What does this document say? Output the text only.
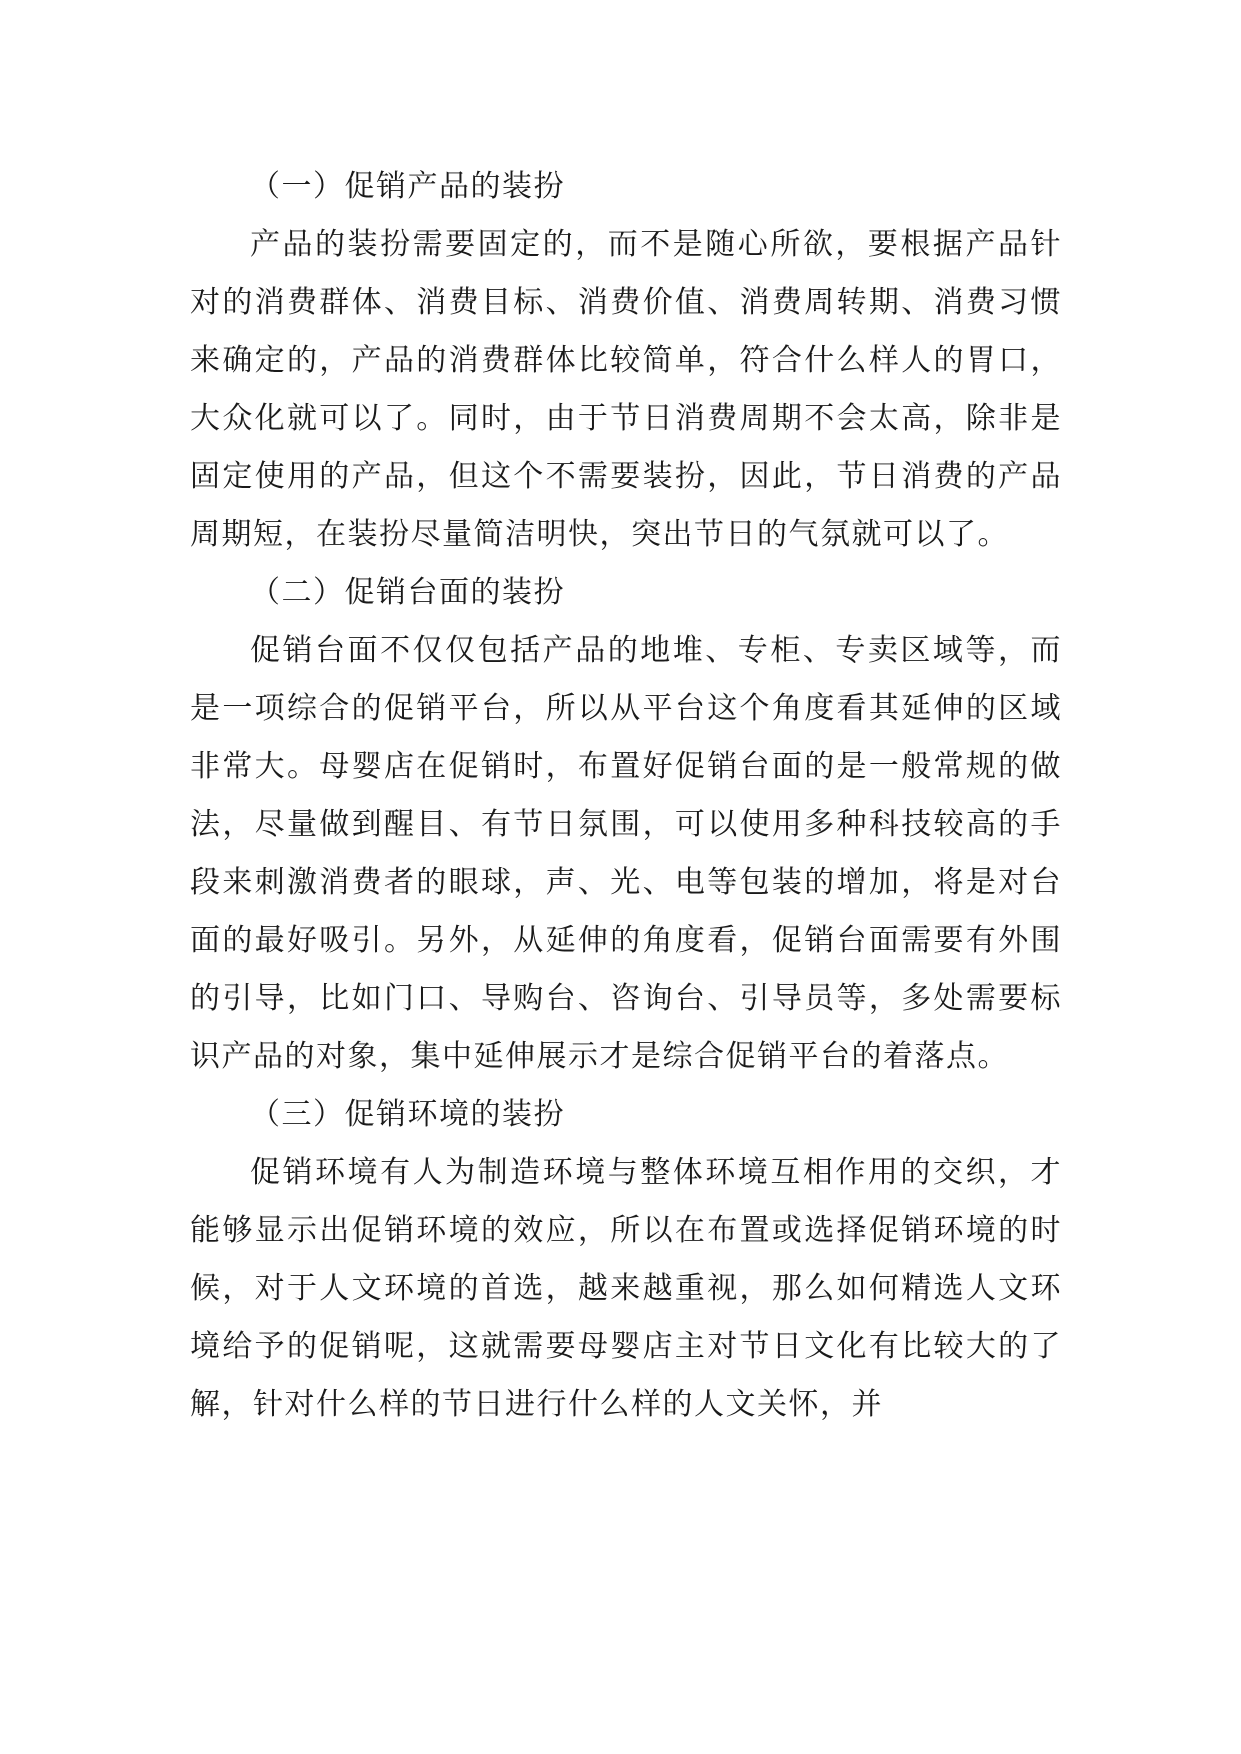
（一）促销产品的装扮

产品的装扮需要固定的，而不是随心所欲，要根据产品针对的消费群体、消费目标、消费价值、消费周转期、消费习惯来确定的，产品的消费群体比较简单，符合什么样人的胃口，大众化就可以了。同时，由于节日消费周期不会太高，除非是固定使用的产品，但这个不需要装扮，因此，节日消费的产品周期短，在装扮尽量简洁明快，突出节日的气氛就可以了。

（二）促销台面的装扮

促销台面不仅仅包括产品的地堆、专柜、专卖区域等，而是一项综合的促销平台，所以从平台这个角度看其延伸的区域非常大。母婴店在促销时，布置好促销台面的是一般常规的做法，尽量做到醒目、有节日氛围，可以使用多种科技较高的手段来刺激消费者的眼球，声、光、电等包装的增加，将是对台面的最好吸引。另外，从延伸的角度看，促销台面需要有外围的引导，比如门口、导购台、咨询台、引导员等，多处需要标识产品的对象，集中延伸展示才是综合促销平台的着落点。

（三）促销环境的装扮

促销环境有人为制造环境与整体环境互相作用的交织，才能够显示出促销环境的效应，所以在布置或选择促销环境的时候，对于人文环境的首选，越来越重视，那么如何精选人文环境给予的促销呢，这就需要母婴店主对节日文化有比较大的了解，针对什么样的节日进行什么样的人文关怀，并
